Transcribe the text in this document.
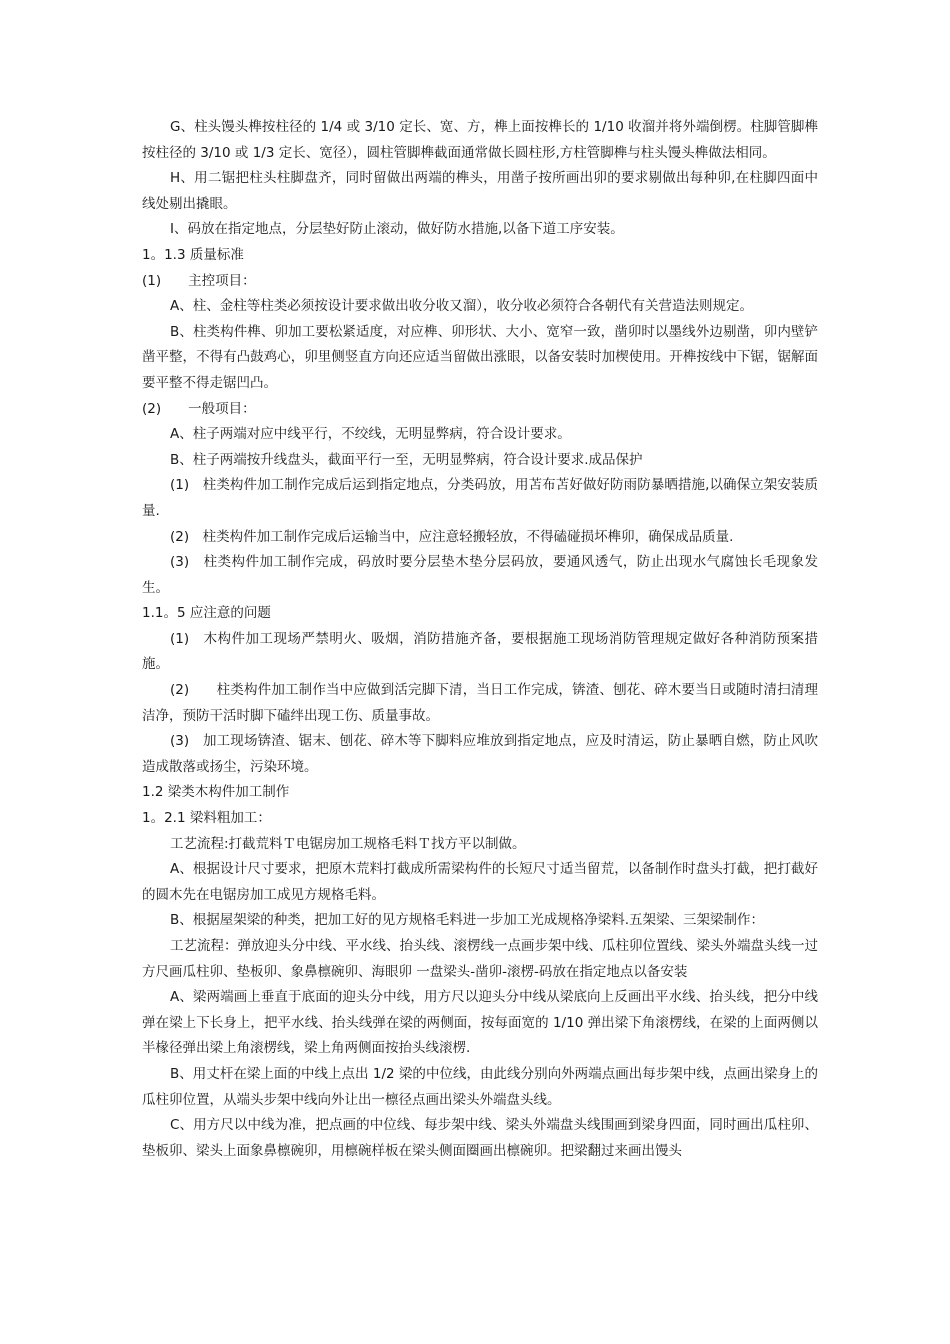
G、柱头馒头榫按柱径的 1/4 或 3/10 定长、宽、方，榫上面按榫长的 1/10 收溜并将外端倒楞。柱脚管脚榫按柱径的 3/10 或 1/3 定长、宽径），圆柱管脚榫截面通常做长圆柱形,方柱管脚榫与柱头馒头榫做法相同。

H、用二锯把柱头柱脚盘齐，同时留做出两端的榫头，用凿子按所画出卯的要求剔做出每种卯,在柱脚四面中线处剔出撬眼。

I、码放在指定地点，分层垫好防止滚动，做好防水措施,以备下道工序安装。

1。1.3 质量标准

(1)　　主控项目：

A、柱、金柱等柱类必须按设计要求做出收分收又溜），收分收必须符合各朝代有关营造法则规定。

B、柱类构件榫、卯加工要松紧适度，对应榫、卯形状、大小、宽窄一致，凿卯时以墨线外边剔凿，卯内壁铲凿平整，不得有凸鼓鸡心，卯里侧竖直方向还应适当留做出涨眼，以备安装时加楔使用。开榫按线中下锯，锯解面要平整不得走锯凹凸。

(2)　　一般项目：

A、柱子两端对应中线平行，不绞线，无明显弊病，符合设计要求。

B、柱子两端按升线盘头，截面平行一至，无明显弊病，符合设计要求.成品保护

(1)　柱类构件加工制作完成后运到指定地点，分类码放，用苫布苫好做好防雨防暴晒措施,以确保立架安装质量.

(2)　柱类构件加工制作完成后运输当中，应注意轻搬轻放，不得磕碰损坏榫卯，确保成品质量.

(3)　柱类构件加工制作完成，码放时要分层垫木垫分层码放，要通风透气，防止出现水气腐蚀长毛现象发生。

1.1。5 应注意的问题

(1)　木构件加工现场严禁明火、吸烟，消防措施齐备，要根据施工现场消防管理规定做好各种消防预案措施。

(2)　　柱类构件加工制作当中应做到活完脚下清，当日工作完成，锛渣、刨花、碎木要当日或随时清扫清理洁净，预防干活时脚下磕绊出现工伤、质量事故。

(3)　加工现场锛渣、锯末、刨花、碎木等下脚料应堆放到指定地点，应及时清运，防止暴晒自燃，防止风吹造成散落或扬尘，污染环境。

1.2 梁类木构件加工制作

1。2.1 梁料粗加工：

工艺流程:打截荒料Ｔ电锯房加工规格毛料Ｔ找方平以制做。

A、根据设计尺寸要求，把原木荒料打截成所需梁构件的长短尺寸适当留荒，以备制作时盘头打截，把打截好的圆木先在电锯房加工成见方规格毛料。

B、根据屋架梁的种类，把加工好的见方规格毛料进一步加工光成规格净梁料.五架梁、三架梁制作：

工艺流程：弹放迎头分中线、平水线、抬头线、滚楞线一点画步架中线、瓜柱卯位置线、梁头外端盘头线一过方尺画瓜柱卯、垫板卯、象鼻檩碗卯、海眼卯 一盘梁头-凿卯-滚楞-码放在指定地点以备安装

A、梁两端画上垂直于底面的迎头分中线，用方尺以迎头分中线从梁底向上反画出平水线、抬头线，把分中线弹在梁上下长身上，把平水线、抬头线弹在梁的两侧面，按每面宽的 1/10 弹出梁下角滚楞线，在梁的上面两侧以半椽径弹出梁上角滚楞线，梁上角两侧面按抬头线滚楞.

B、用丈杆在梁上面的中线上点出 1/2 梁的中位线，由此线分别向外两端点画出每步架中线，点画出梁身上的瓜柱卯位置，从端头步架中线向外让出一檩径点画出梁头外端盘头线。

C、用方尺以中线为准，把点画的中位线、每步架中线、梁头外端盘头线围画到梁身四面，同时画出瓜柱卯、垫板卯、梁头上面象鼻檩碗卯，用檩碗样板在梁头侧面圈画出檩碗卯。把梁翻过来画出馒头
